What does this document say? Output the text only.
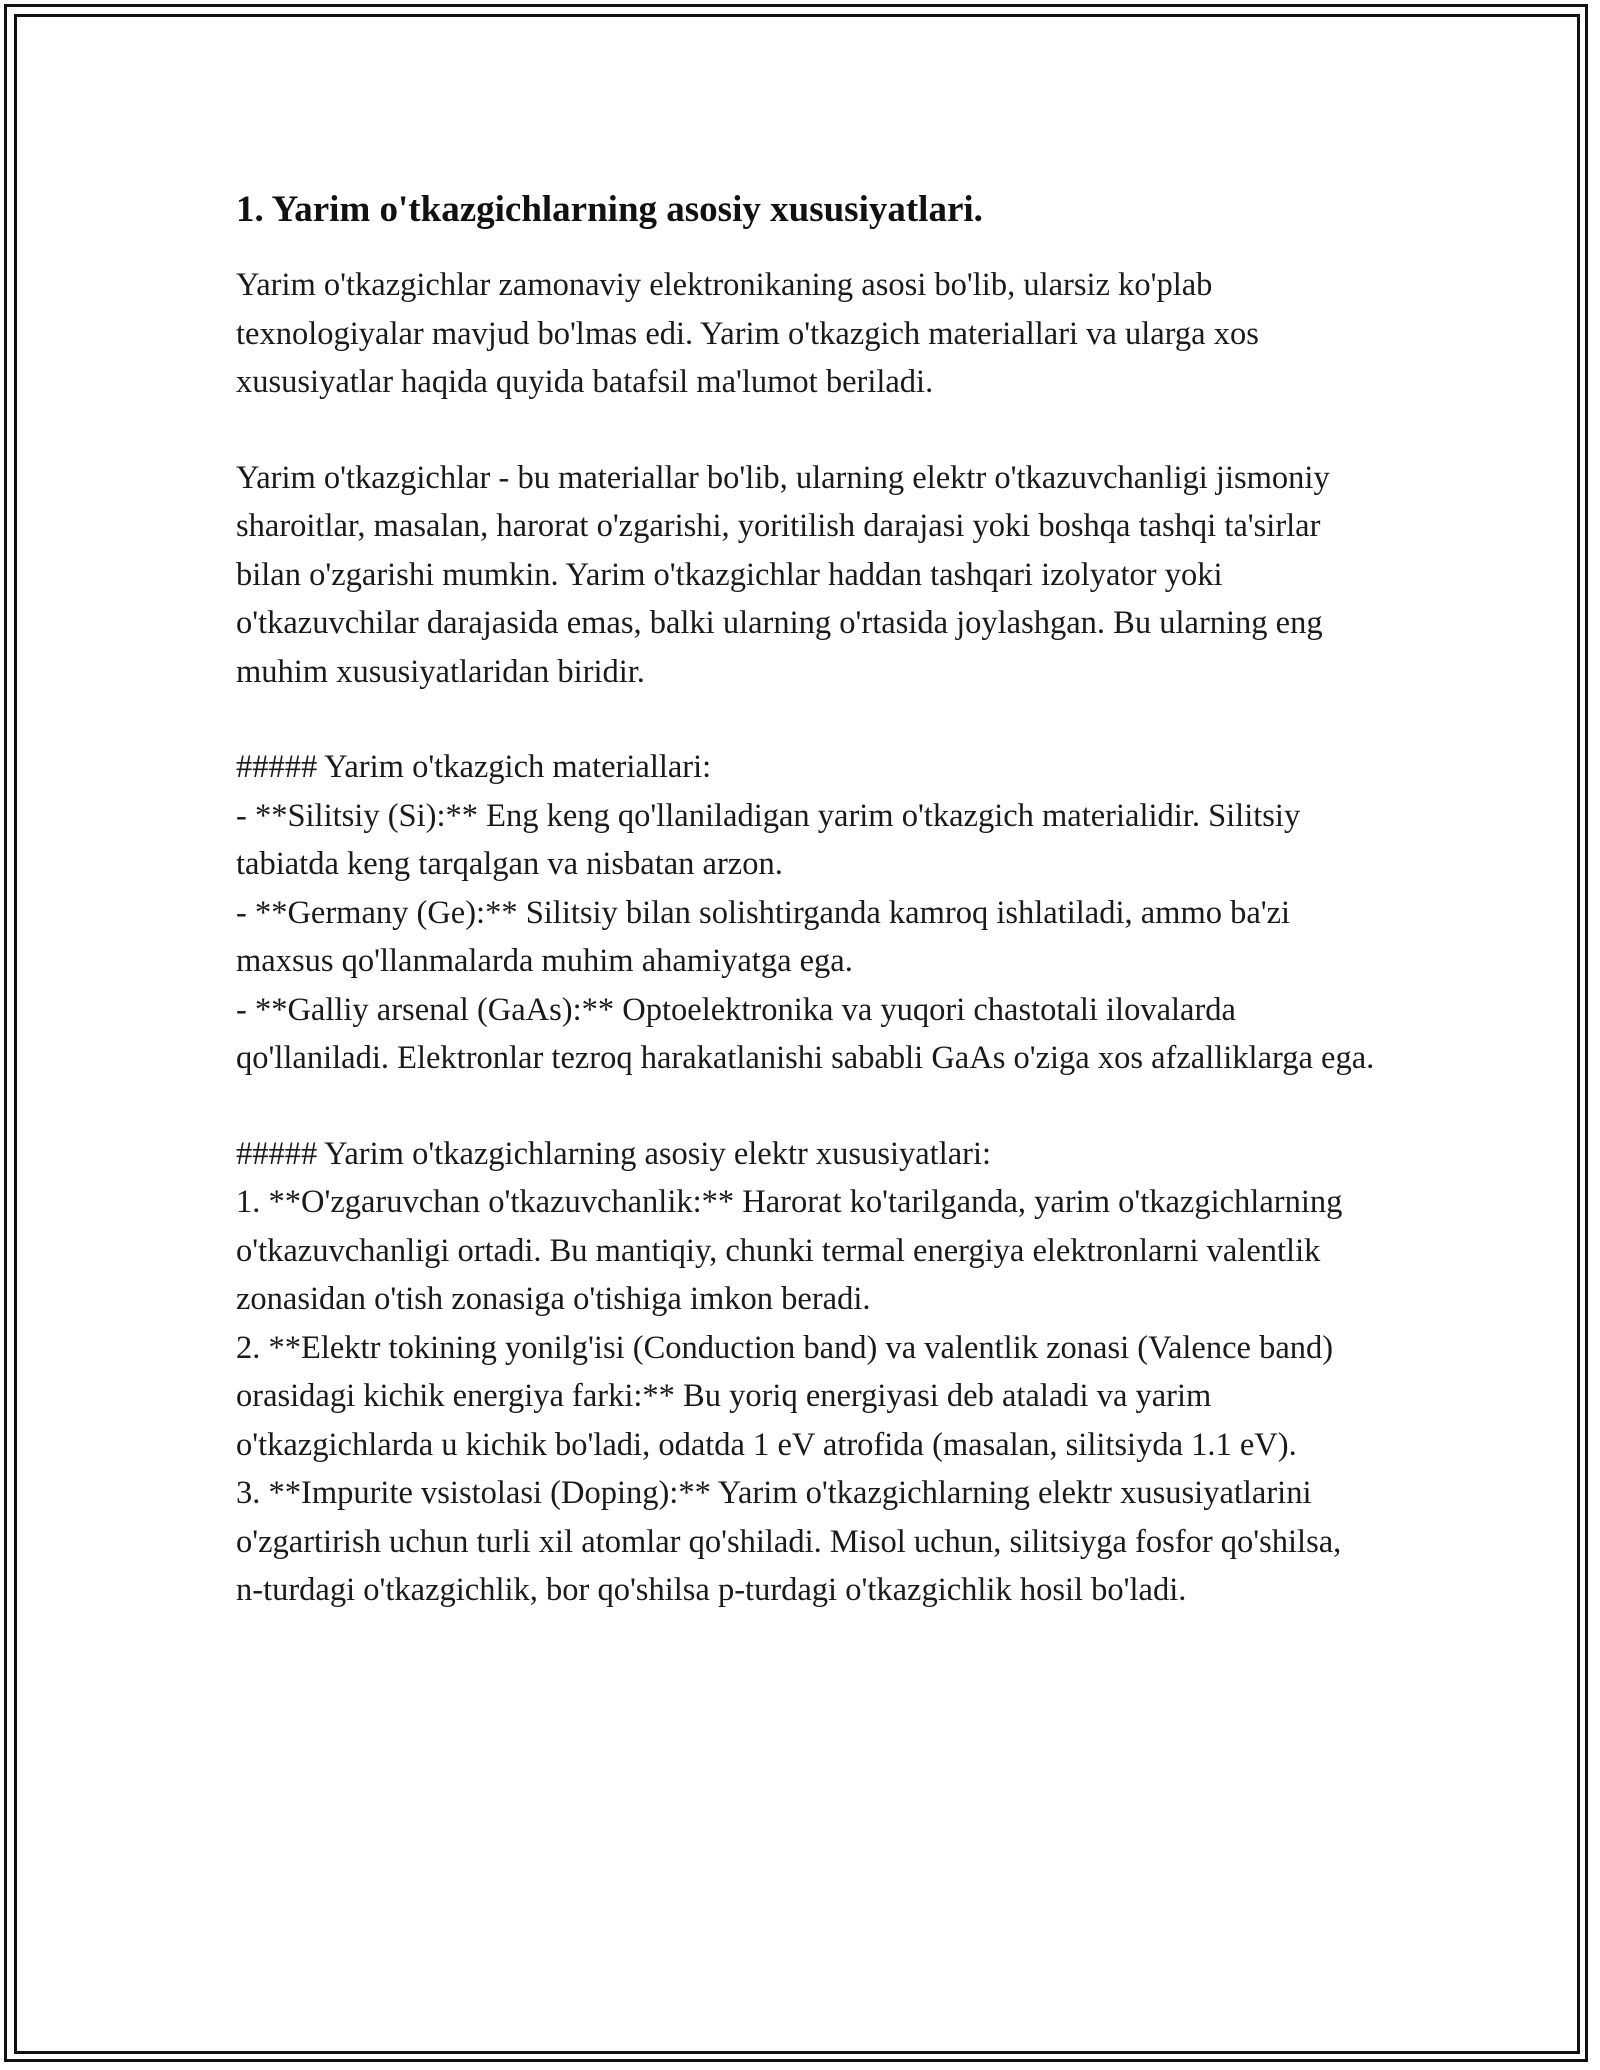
1. Yarim o'tkazgichlarning asosiy xususiyatlari.

Yarim o'tkazgichlar zamonaviy elektronikaning asosi bo'lib, ularsiz ko'plab texnologiyalar mavjud bo'lmas edi. Yarim o'tkazgich materiallari va ularga xos xususiyatlar haqida quyida batafsil ma'lumot beriladi.

Yarim o'tkazgichlar - bu materiallar bo'lib, ularning elektr o'tkazuvchanligi jismoniy sharoitlar, masalan, harorat o'zgarishi, yoritilish darajasi yoki boshqa tashqi ta'sirlar bilan o'zgarishi mumkin. Yarim o'tkazgichlar haddan tashqari izolyator yoki o'tkazuvchilar darajasida emas, balki ularning o'rtasida joylashgan. Bu ularning eng muhim xususiyatlaridan biridir.

##### Yarim o'tkazgich materiallari:
- **Silitsiy (Si):** Eng keng qo'llaniladigan yarim o'tkazgich materialidir. Silitsiy tabiatda keng tarqalgan va nisbatan arzon.
- **Germany (Ge):** Silitsiy bilan solishtirganda kamroq ishlatiladi, ammo ba'zi maxsus qo'llanmalarda muhim ahamiyatga ega.
- **Galliy arsenal (GaAs):** Optoelektronika va yuqori chastotali ilovalarda qo'llaniladi. Elektronlar tezroq harakatlanishi sababli GaAs o'ziga xos afzalliklarga ega.
##### Yarim o'tkazgichlarning asosiy elektr xususiyatlari:
1. **O'zgaruvchan o'tkazuvchanlik:** Harorat ko'tarilganda, yarim o'tkazgichlarning o'tkazuvchanligi ortadi. Bu mantiqiy, chunki termal energiya elektronlarni valentlik zonasidan o'tish zonasiga o'tishiga imkon beradi.
2. **Elektr tokining yonilg'isi (Conduction band) va valentlik zonasi (Valence band) orasidagi kichik energiya farki:** Bu yoriq energiyasi deb ataladi va yarim o'tkazgichlarda u kichik bo'ladi, odatda 1 eV atrofida (masalan, silitsiyda 1.1 eV).
3. **Impurite vsistolasi (Doping):** Yarim o'tkazgichlarning elektr xususiyatlarini o'zgartirish uchun turli xil atomlar qo'shiladi. Misol uchun, silitsiyga fosfor qo'shilsa, n-turdagi o'tkazgichlik, bor qo'shilsa p-turdagi o'tkazgichlik hosil bo'ladi.
